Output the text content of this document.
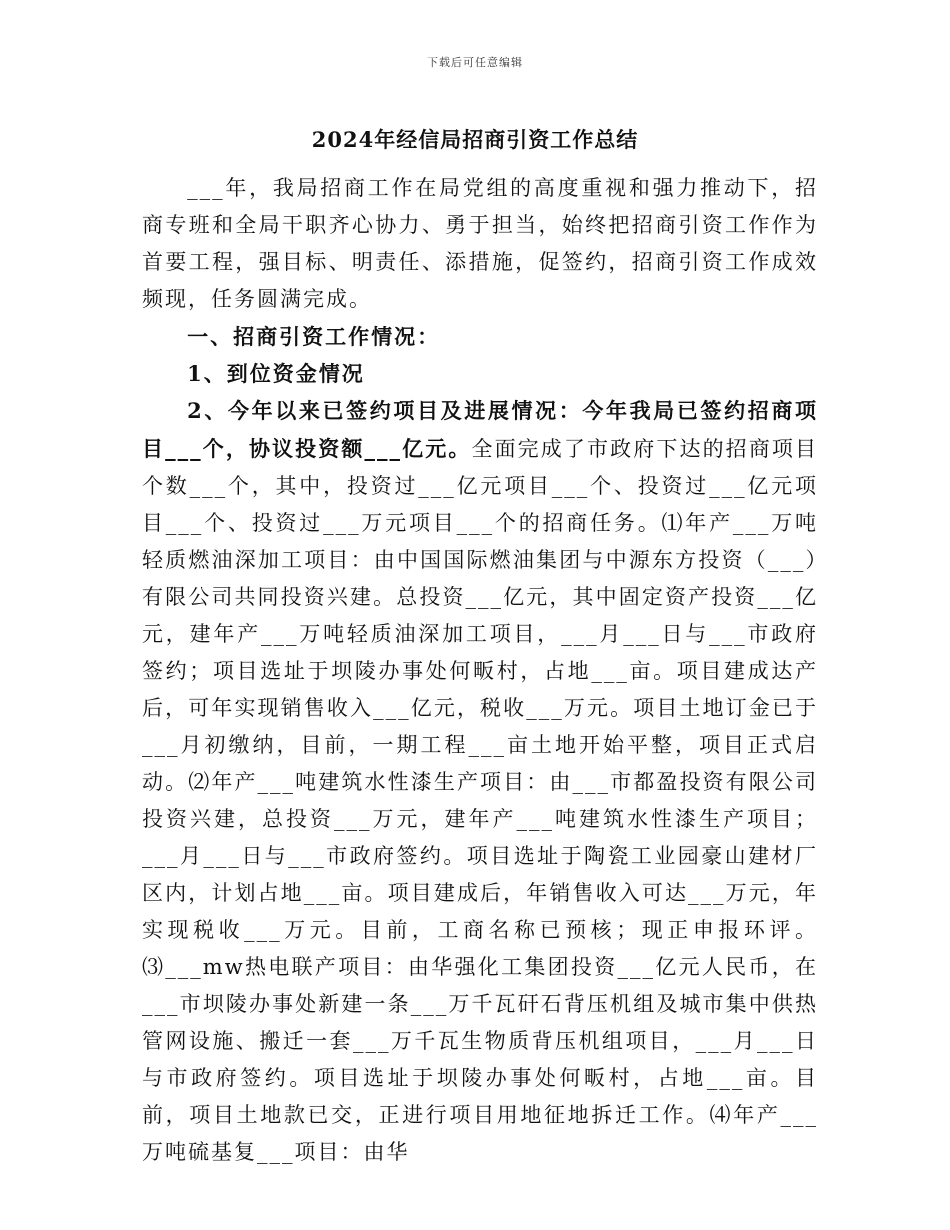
下载后可任意编辑
2024年经信局招商引资工作总结

___年，我局招商工作在局党组的高度重视和强力推动下，招商专班和全局干职齐心协力、勇于担当，始终把招商引资工作作为首要工程，强目标、明责任、添措施，促签约，招商引资工作成效频现，任务圆满完成。

一、招商引资工作情况：

1、到位资金情况

2、今年以来已签约项目及进展情况：今年我局已签约招商项目___个，协议投资额___亿元。全面完成了市政府下达的招商项目个数___个，其中，投资过___亿元项目___个、投资过___亿元项目___个、投资过___万元项目___个的招商任务。⑴年产___万吨轻质燃油深加工项目：由中国国际燃油集团与中源东方投资（___）有限公司共同投资兴建。总投资___亿元，其中固定资产投资___亿元，建年产___万吨轻质油深加工项目，___月___日与___市政府签约；项目选址于坝陵办事处何畈村，占地___亩。项目建成达产后，可年实现销售收入___亿元，税收___万元。项目土地订金已于___月初缴纳，目前，一期工程___亩土地开始平整，项目正式启动。⑵年产___吨建筑水性漆生产项目：由___市都盈投资有限公司投资兴建，总投资___万元，建年产___吨建筑水性漆生产项目；___月___日与___市政府签约。项目选址于陶瓷工业园豪山建材厂区内，计划占地___亩。项目建成后，年销售收入可达___万元，年实现税收___万元。目前，工商名称已预核；现正申报环评。⑶___mw热电联产项目：由华强化工集团投资___亿元人民币，在___市坝陵办事处新建一条___万千瓦矸石背压机组及城市集中供热管网设施、搬迁一套___万千瓦生物质背压机组项目，___月___日与市政府签约。项目选址于坝陵办事处何畈村，占地___亩。目前，项目土地款已交，正进行项目用地征地拆迁工作。⑷年产___万吨硫基复___项目：由华
